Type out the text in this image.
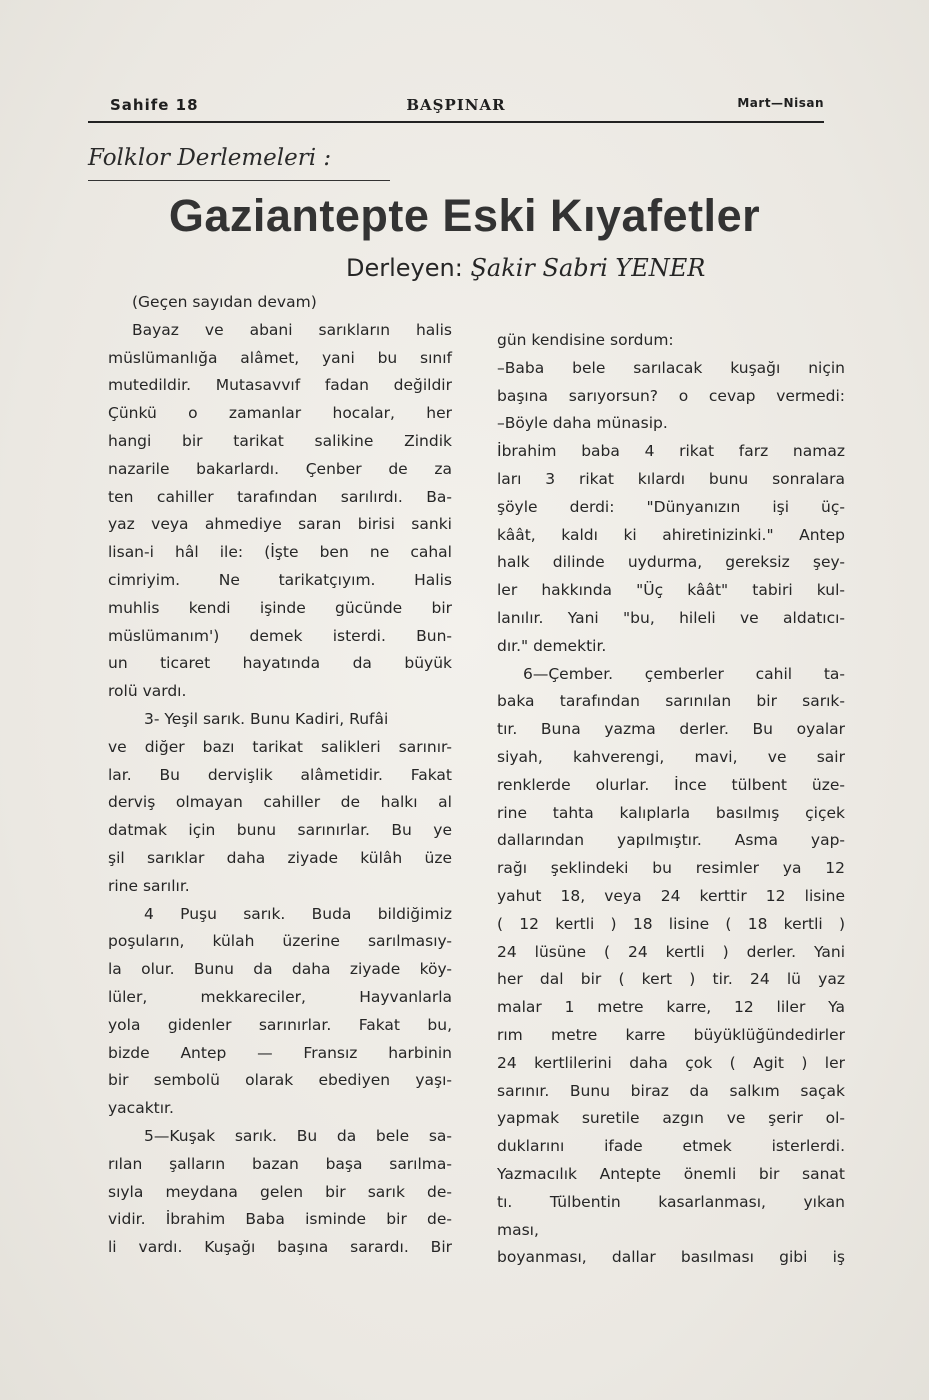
Sahife 18	BAŞPINAR	Mart—Nisan
Folklor Derlemeleri :
Gaziantepte Eski Kıyafetler
Derleyen: Şakir Sabri YENER
(Geçen sayıdan devam)
Bayaz ve abani sarıkların halis
müslümanlığa alâmet, yani bu sınıf
mutedildir. Mutasavvıf fadan değildir
Çünkü o zamanlar hocalar, her
hangi bir tarikat salikine Zindik
nazarile bakarlardı. Çenber de za
ten cahiller tarafından sarılırdı. Ba-
yaz veya ahmediye saran birisi sanki
lisan-i hâl ile: (İşte ben ne cahal
cimriyim. Ne tarikatçıyım. Halis
muhlis kendi işinde gücünde bir
müslümanım') demek isterdi. Bun-
un ticaret hayatında da büyük
rolü vardı.
3- Yeşil sarık. Bunu Kadiri, Rufâi
ve diğer bazı tarikat salikleri sarınır-
lar. Bu dervişlik alâmetidir. Fakat
derviş olmayan cahiller de halkı al
datmak için bunu sarınırlar. Bu ye
şil sarıklar daha ziyade külâh üze
rine sarılır.
4 Puşu sarık. Buda bildiğimiz
poşuların, külah üzerine sarılmasıy-
la olur. Bunu da daha ziyade köy-
lüler, mekkareciler, Hayvanlarla
yola gidenler sarınırlar. Fakat bu,
bizde Antep — Fransız harbinin
bir sembolü olarak ebediyen yaşı-
yacaktır.
5—Kuşak sarık. Bu da bele sa-
rılan şalların bazan başa sarılma-
sıyla meydana gelen bir sarık de-
vidir. İbrahim Baba isminde bir de-
li vardı. Kuşağı başına sarardı. Bir
gün kendisine sordum:
–Baba bele sarılacak kuşağı niçin
başına sarıyorsun? o cevap vermedi:
–Böyle daha münasip.
İbrahim baba 4 rikat farz namaz
ları 3 rikat kılardı bunu sonralara
şöyle derdi: "Dünyanızın işi üç-
kâât, kaldı ki ahiretinizinki." Antep
halk dilinde uydurma, gereksiz şey-
ler hakkında "Üç kâât" tabiri kul-
lanılır. Yani "bu, hileli ve aldatıcı-
dır." demektir.
6—Çember. çemberler cahil ta-
baka tarafından sarınılan bir sarık-
tır. Buna yazma derler. Bu oyalar
siyah, kahverengi, mavi, ve sair
renklerde olurlar. İnce tülbent üze-
rine tahta kalıplarla basılmış çiçek
dallarından yapılmıştır. Asma yap-
rağı şeklindeki bu resimler ya 12
yahut 18, veya 24 kerttir 12 lisine
( 12 kertli ) 18 lisine ( 18 kertli )
24 lüsüne ( 24 kertli ) derler. Yani
her dal bir ( kert ) tir. 24 lü yaz
malar 1 metre karre, 12 liler Ya
rım metre karre büyüklüğündedirler
24 kertlilerini daha çok ( Agit ) ler
sarınır. Bunu biraz da salkım saçak
yapmak suretile azgın ve şerir ol-
duklarını ifade etmek isterlerdi.
Yazmacılık Antepte önemli bir sanat
tı. Tülbentin kasarlanması, yıkan
ması,
boyanması, dallar basılması gibi iş
